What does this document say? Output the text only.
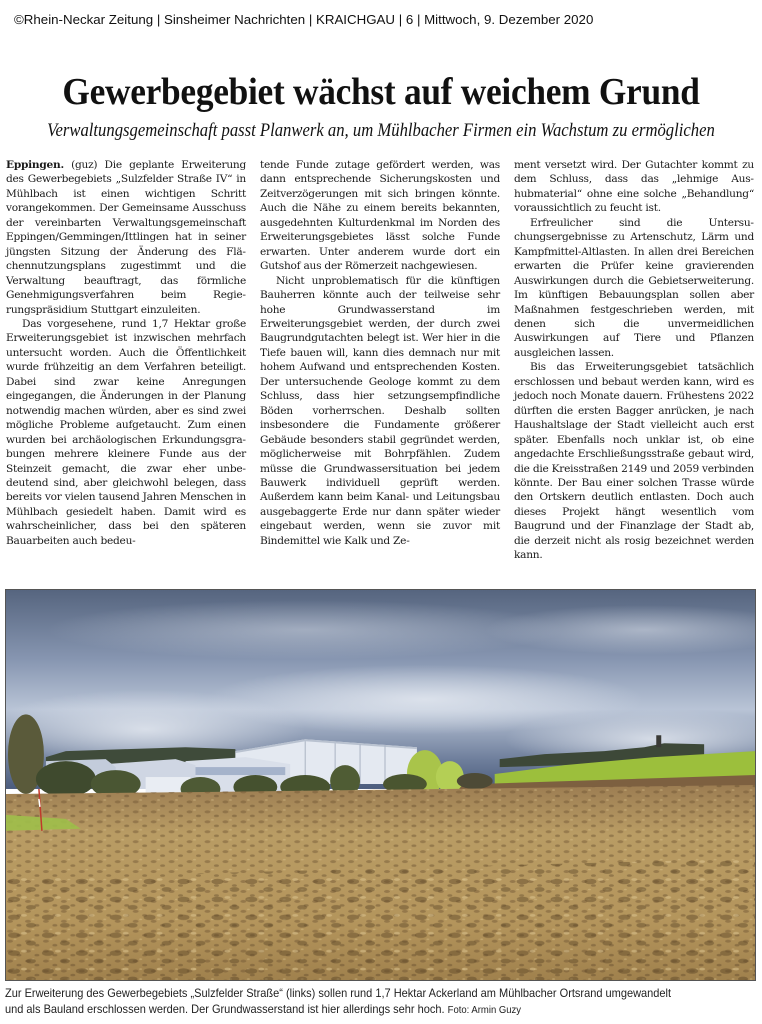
©Rhein-Neckar Zeitung | Sinsheimer Nachrichten | KRAICHGAU | 6 | Mittwoch, 9. Dezember 2020
Gewerbegebiet wächst auf weichem Grund
Verwaltungsgemeinschaft passt Planwerk an, um Mühlbacher Firmen ein Wachstum zu ermöglichen

Eppingen. (guz) Die geplante Erweiterung des Gewerbegebiets „Sulzfelder Straße IV“ in Mühlbach ist einen wichtigen Schritt vorangekommen. Der Gemeinsame Ausschuss der vereinbarten Verwaltungsgemeinschaft Eppingen/Gemmingen/Ittlingen hat in seiner jüngsten Sitzung der Änderung des Flächennutzungsplans zugestimmt und die Verwaltung beauftragt, das förmliche Genehmigungsverfahren beim Regierungspräsidium Stuttgart einzuleiten.

Das vorgesehene, rund 1,7 Hektar große Erweiterungsgebiet ist inzwischen mehrfach untersucht worden. Auch die Öffentlichkeit wurde frühzeitig an dem Verfahren beteiligt. Dabei sind zwar keine Anregungen eingegangen, die Änderungen in der Planung notwendig machen würden, aber es sind zwei mögliche Probleme aufgetaucht. Zum einen wurden bei archäologischen Erkundungsgrabungen mehrere kleinere Funde aus der Steinzeit gemacht, die zwar eher unbedeutend sind, aber gleichwohl belegen, dass bereits vor vielen tausend Jahren Menschen in Mühlbach gesiedelt haben. Damit wird es wahrscheinlicher, dass bei den späteren Bauarbeiten auch bedeu-

tende Funde zutage gefördert werden, was dann entsprechende Sicherungskosten und Zeitverzögerungen mit sich bringen könnte. Auch die Nähe zu einem bereits bekannten, ausgedehnten Kulturdenkmal im Norden des Erweiterungsgebietes lässt solche Funde erwarten. Unter anderem wurde dort ein Gutshof aus der Römerzeit nachgewiesen.

Nicht unproblematisch für die künftigen Bauherren könnte auch der teilweise sehr hohe Grundwasserstand im Erweiterungsgebiet werden, der durch zwei Baugrundgutachten belegt ist. Wer hier in die Tiefe bauen will, kann dies demnach nur mit hohem Aufwand und entsprechenden Kosten. Der untersuchende Geologe kommt zu dem Schluss, dass hier setzungsempfindliche Böden vorherrschen. Deshalb sollten insbesondere die Fundamente größerer Gebäude besonders stabil gegründet werden, möglicherweise mit Bohrpfählen. Zudem müsse die Grundwassersituation bei jedem Bauwerk individuell geprüft werden. Außerdem kann beim Kanal- und Leitungsbau ausgebaggerte Erde nur dann später wieder eingebaut werden, wenn sie zuvor mit Bindemittel wie Kalk und Ze-

ment versetzt wird. Der Gutachter kommt zu dem Schluss, dass das „lehmige Aushubmaterial“ ohne eine solche „Behandlung“ voraussichtlich zu feucht ist.

Erfreulicher sind die Untersuchungsergebnisse zu Artenschutz, Lärm und Kampfmittel-Altlasten. In allen drei Bereichen erwarten die Prüfer keine gravierenden Auswirkungen durch die Gebietserweiterung. Im künftigen Bebauungsplan sollen aber Maßnahmen festgeschrieben werden, mit denen sich die unvermeidlichen Auswirkungen auf Tiere und Pflanzen ausgleichen lassen.

Bis das Erweiterungsgebiet tatsächlich erschlossen und bebaut werden kann, wird es jedoch noch Monate dauern. Frühestens 2022 dürften die ersten Bagger anrücken, je nach Haushaltslage der Stadt vielleicht auch erst später. Ebenfalls noch unklar ist, ob eine angedachte Erschließungsstraße gebaut wird, die die Kreisstraßen 2149 und 2059 verbinden könnte. Der Bau einer solchen Trasse würde den Ortskern deutlich entlasten. Doch auch dieses Projekt hängt wesentlich vom Baugrund und der Finanzlage der Stadt ab, die derzeit nicht als rosig bezeichnet werden kann.

Zur Erweiterung des Gewerbegebiets „Sulzfelder Straße“ (links) sollen rund 1,7 Hektar Ackerland am Mühlbacher Ortsrand umgewandelt
und als Bauland erschlossen werden. Der Grundwasserstand ist hier allerdings sehr hoch. Foto: Armin Guzy
